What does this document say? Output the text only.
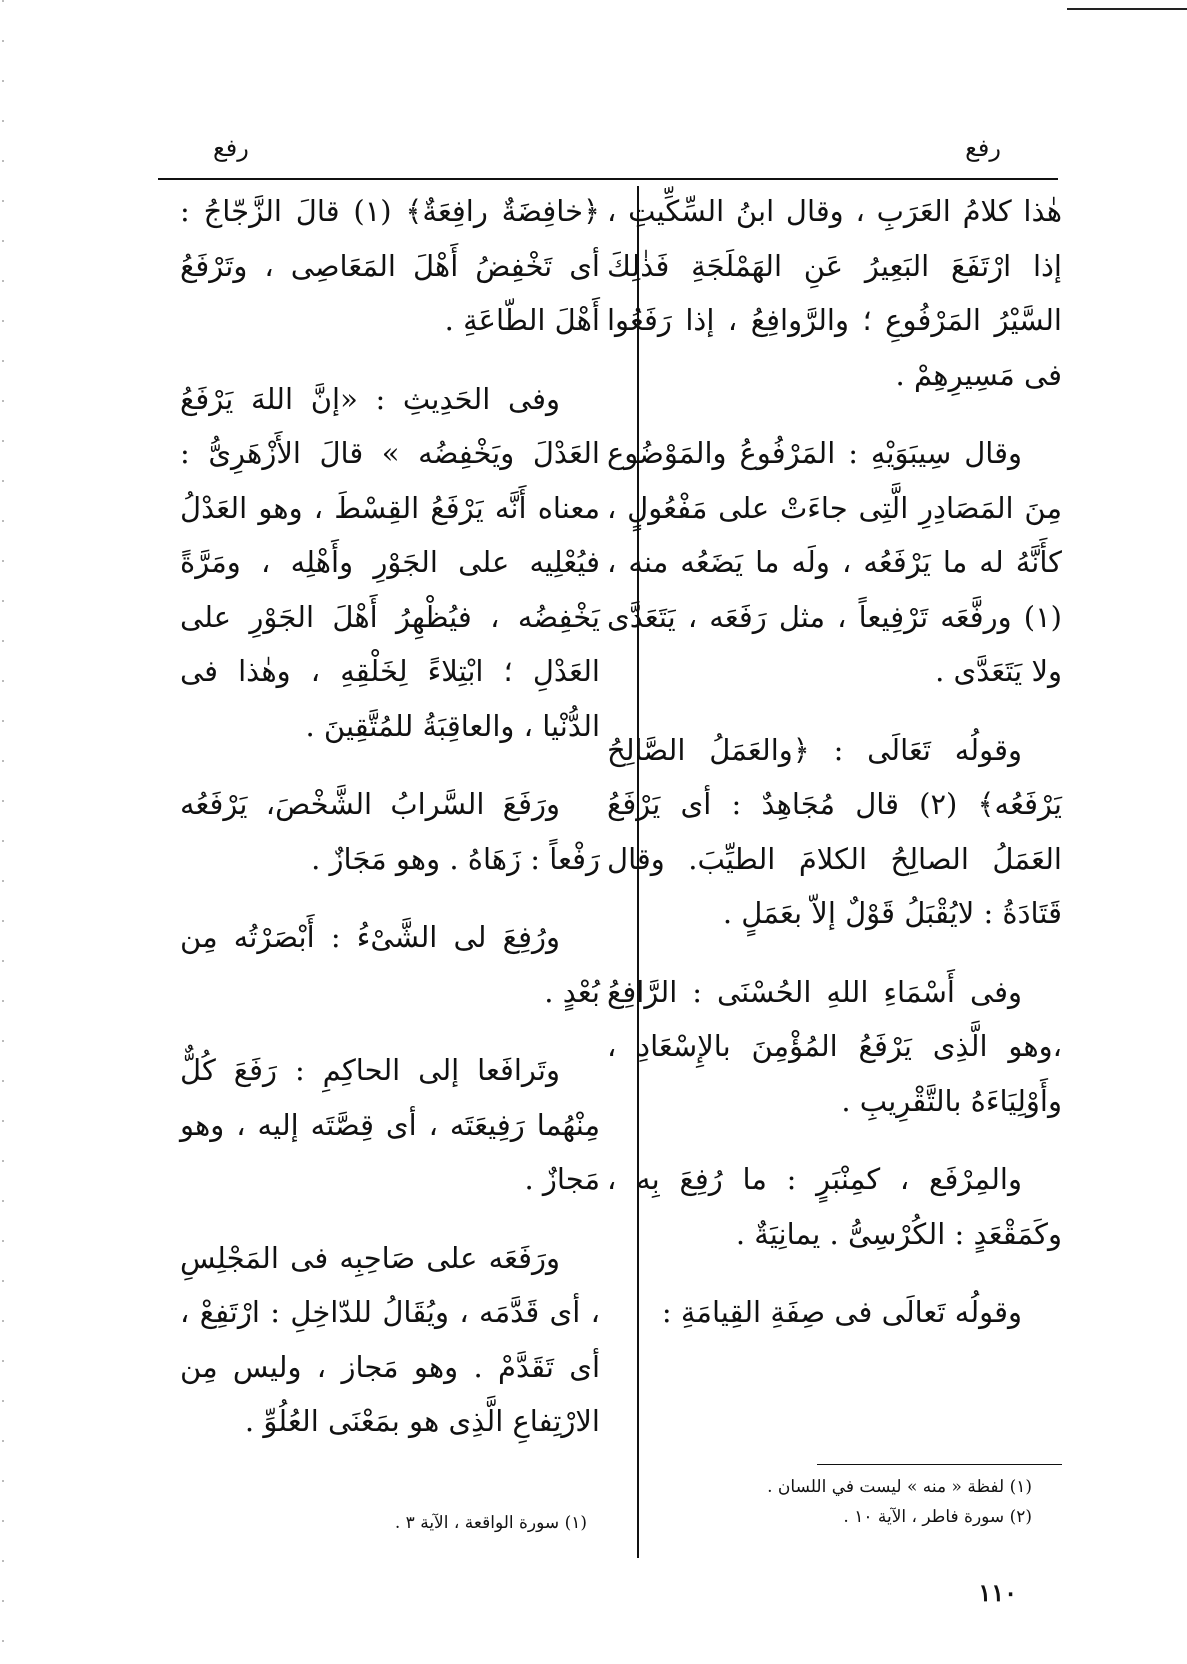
رفع
رفع

هٰذا كلامُ العَرَبِ ، وقال ابنُ السِّكِّيتِ ، إذا ارْتَفَعَ البَعِيرُ عَنِ الهَمْلَجَةِ فَذٰلِكَ السَّيْرُ المَرْفُوعِ ؛ والرَّوافِعُ ، إذا رَفَعُوا فى مَسِيرِهِمْ .

وقال سِيبَوَيْهِ : المَرْفُوعُ والمَوْضُوع مِنَ المَصَادِرِ الَّتِى جاءَتْ على مَفْعُولٍ ، كأَنَّهُ له ما يَرْفَعُه ، ولَه ما يَضَعُه منه ، (١) ورفَّعَه تَرْفِيعاً ، مثل رَفَعَه ، يَتَعَدَّى ولا يَتَعَدَّى .

وقولُه تَعَالَى : ﴿والعَمَلُ الصَّالِحُ يَرْفَعُه﴾ (٢) قال مُجَاهِدٌ : أى يَرْفَعُ العَمَلُ الصالِحُ الكلامَ الطيِّبَ. وقال قَتَادَةُ : لايُقْبَلُ قَوْلٌ إلاّ بعَمَلٍ .

وفى أَسْمَاءِ اللهِ الحُسْنَى : الرَّافِعُ ،وهو الَّذِى يَرْفَعُ المُؤْمِنَ بالإِسْعَادِ ، وأَوْلِيَاءَهُ بالتَّقْرِيبِ .

والمِرْفَع ، كمِنْبَرٍ : ما رُفِعَ بِه ، وكَمَقْعَدٍ : الكُرْسِىُّ . يمانِيَةٌ .

وقولُه تَعالَى فى صِفَةِ القِيامَةِ :

(١) لفظة « منه » ليست في اللسان .
(٢) سورة فاطر ، الآية ١٠ .

﴿خافِضَةٌ رافِعَةٌ﴾ (١) قالَ الزَّجّاجُ : أى تَخْفِضُ أَهْلَ المَعَاصِى ، وتَرْفَعُ أَهْلَ الطّاعَةِ .

وفى الحَدِيثِ : «إنَّ اللهَ يَرْفَعُ العَدْلَ ويَخْفِضُه » قالَ الأَزْهَرِىُّ : معناه أَنَّه يَرْفَعُ القِسْطَ ، وهو العَدْلُ فيُعْلِيه على الجَوْرِ وأَهْلِه ، ومَرَّةً يَخْفِضُه ، فيُظْهِرُ أَهْلَ الجَوْرِ على العَدْلِ ؛ ابْتِلاءً لِخَلْقِهِ ، وهٰذا فى الدُّنْيا ، والعاقِبَةُ للمُتَّقِينَ .

ورَفَعَ السَّرابُ الشَّخْصَ، يَرْفَعُه رَفْعاً : زَهَاهُ . وهو مَجَازٌ .

ورُفِعَ لى الشَّىْءُ : أَبْصَرْتُه مِن بُعْدٍ .

وتَرافَعا إلى الحاكِمِ : رَفَعَ كُلٌّ مِنْهُما رَفِيعَتَه ، أى قِصَّتَه إليه ، وهو مَجازٌ .

ورَفَعَه على صَاحِبِه فى المَجْلِسِ ، أى قَدَّمَه ، ويُقَالُ للدّاخِلِ : ارْتَفِعْ ، أى تَقَدَّمْ . وهو مَجاز ، وليس مِن الارْتِفاعِ الَّذِى هو بمَعْنَى العُلُوِّ .

(١) سورة الواقعة ، الآية ٣ .
١١٠
